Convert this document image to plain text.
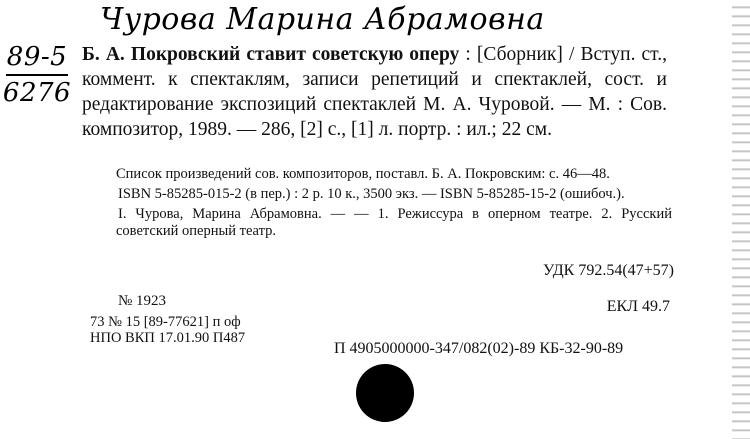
Чурова Марина Абрамовна
89-5
6276
Б. А. Покровский ставит советскую оперу : [Сборник] / Вступ. ст., коммент. к спектаклям, записи репетиций и спектаклей, сост. и редактирование экспозиций спектаклей М. А. Чуровой. — М. : Сов. композитор, 1989. — 286, [2] с., [1] л. портр. : ил.; 22 см.
Список произведений сов. композиторов, поставл. Б. А. Покровским: с. 46—48.
ISBN 5-85285-015-2 (в пер.) : 2 р. 10 к., 3500 экз. — ISBN 5-85285-15-2 (ошибоч.).
I. Чурова, Марина Абрамовна. — — 1. Режиссура в оперном театре. 2. Русский советский оперный театр.
УДК 792.54(47+57)
№ 1923	ЕКЛ 49.7
73 № 15 [89-77621] п оф
НПО ВКП 17.01.90 П487
П 4905000000-347/082(02)-89 КБ-32-90-89
